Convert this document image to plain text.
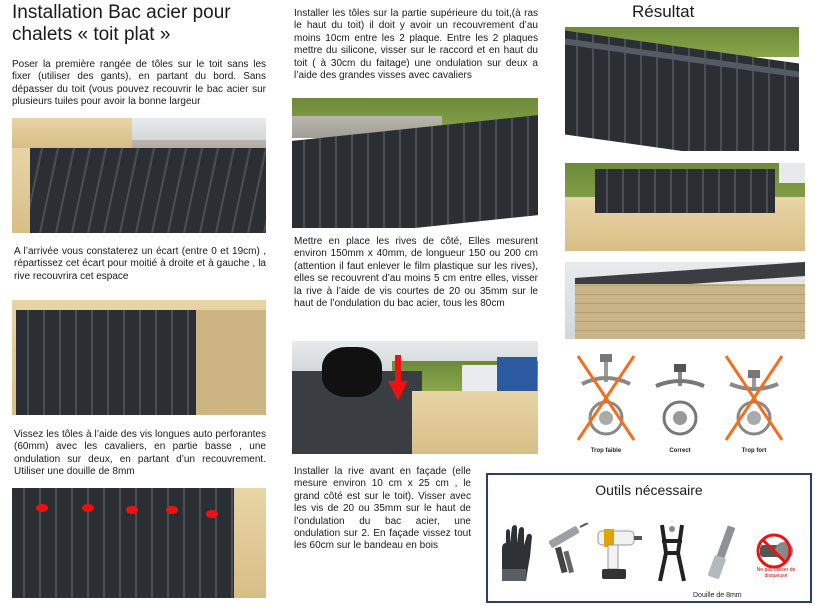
Installation Bac acier pour chalets « toit plat »
Poser la première rangée de tôles sur le toit sans les fixer (utiliser des gants), en partant du bord. Sans dépasser du toit (vous pouvez recouvrir le bac acier sur plusieurs tuiles pour avoir la bonne largeur
A l’arrivée vous constaterez un écart (entre 0 et 19cm) , répartissez cet écart pour moitié à droite et à gauche , la rive recouvrira cet espace
Vissez les tôles à l’aide des vis longues auto perforantes (60mm) avec les cavaliers, en partie basse , une ondulation sur deux, en partant d’un recouvrement. Utiliser une douille de 8mm
Installer les tôles sur la partie supérieure du toit,(à ras le haut du toit) il doit y avoir un recouvrement d’au moins 10cm entre les 2 plaque. Entre les 2 plaques mettre du silicone, visser sur le raccord et en haut du toit ( à 30cm du faitage) une ondulation sur deux a l’aide des grandes visses avec cavaliers
Mettre en place les rives de côté, Elles mesurent environ 150mm x 40mm, de longueur 150 ou 200 cm (attention il faut enlever le film plastique sur les rives), elles se recouvrent d’au moins 5 cm entre elles, visser la rive à l’aide de vis courtes de 20 ou 35mm sur le haut de l’ondulation du bac acier, tous les 80cm
Installer la rive avant en façade (elle mesure environ 10 cm x 25 cm , le grand côté est sur le toit). Visser avec les vis de 20 ou 35mm sur le haut de l’ondulation du bac acier, une ondulation sur 2. En façade vissez tout les 60cm sur le bandeau en bois
Résultat
Trop faible	Correct	Trop fort
Outils nécessaire
Ne pas utiliser de disqueuse
Douille de 8mm
